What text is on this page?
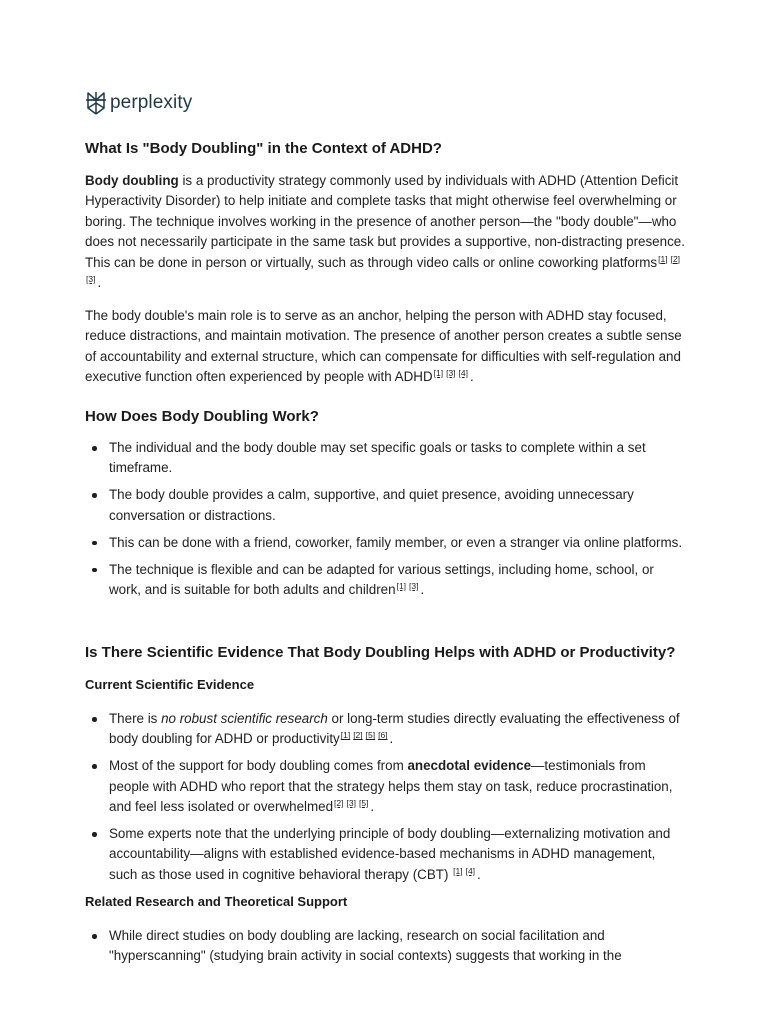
perplexity
What Is "Body Doubling" in the Context of ADHD?

Body doubling is a productivity strategy commonly used by individuals with ADHD (Attention Deficit Hyperactivity Disorder) to help initiate and complete tasks that might otherwise feel overwhelming or boring. The technique involves working in the presence of another person—the "body double"—who does not necessarily participate in the same task but provides a supportive, non-distracting presence. This can be done in person or virtually, such as through video calls or online coworking platforms[1] [2][3] .

The body double's main role is to serve as an anchor, helping the person with ADHD stay focused, reduce distractions, and maintain motivation. The presence of another person creates a subtle sense of accountability and external structure, which can compensate for difficulties with self-regulation and executive function often experienced by people with ADHD[1] [3] [4] .

How Does Body Doubling Work?
The individual and the body double may set specific goals or tasks to complete within a set timeframe.
The body double provides a calm, supportive, and quiet presence, avoiding unnecessary conversation or distractions.
This can be done with a friend, coworker, family member, or even a stranger via online platforms.
The technique is flexible and can be adapted for various settings, including home, school, or work, and is suitable for both adults and children[1] [3] .
Is There Scientific Evidence That Body Doubling Helps with ADHD or Productivity?
Current Scientific Evidence
There is no robust scientific research or long-term studies directly evaluating the effectiveness of body doubling for ADHD or productivity[1] [2] [5] [6] .
Most of the support for body doubling comes from anecdotal evidence—testimonials from people with ADHD who report that the strategy helps them stay on task, reduce procrastination, and feel less isolated or overwhelmed[2] [3] [5] .
Some experts note that the underlying principle of body doubling—externalizing motivation and accountability—aligns with established evidence-based mechanisms in ADHD management, such as those used in cognitive behavioral therapy (CBT) [1] [4] .
Related Research and Theoretical Support
While direct studies on body doubling are lacking, research on social facilitation and "hyperscanning" (studying brain activity in social contexts) suggests that working in the
